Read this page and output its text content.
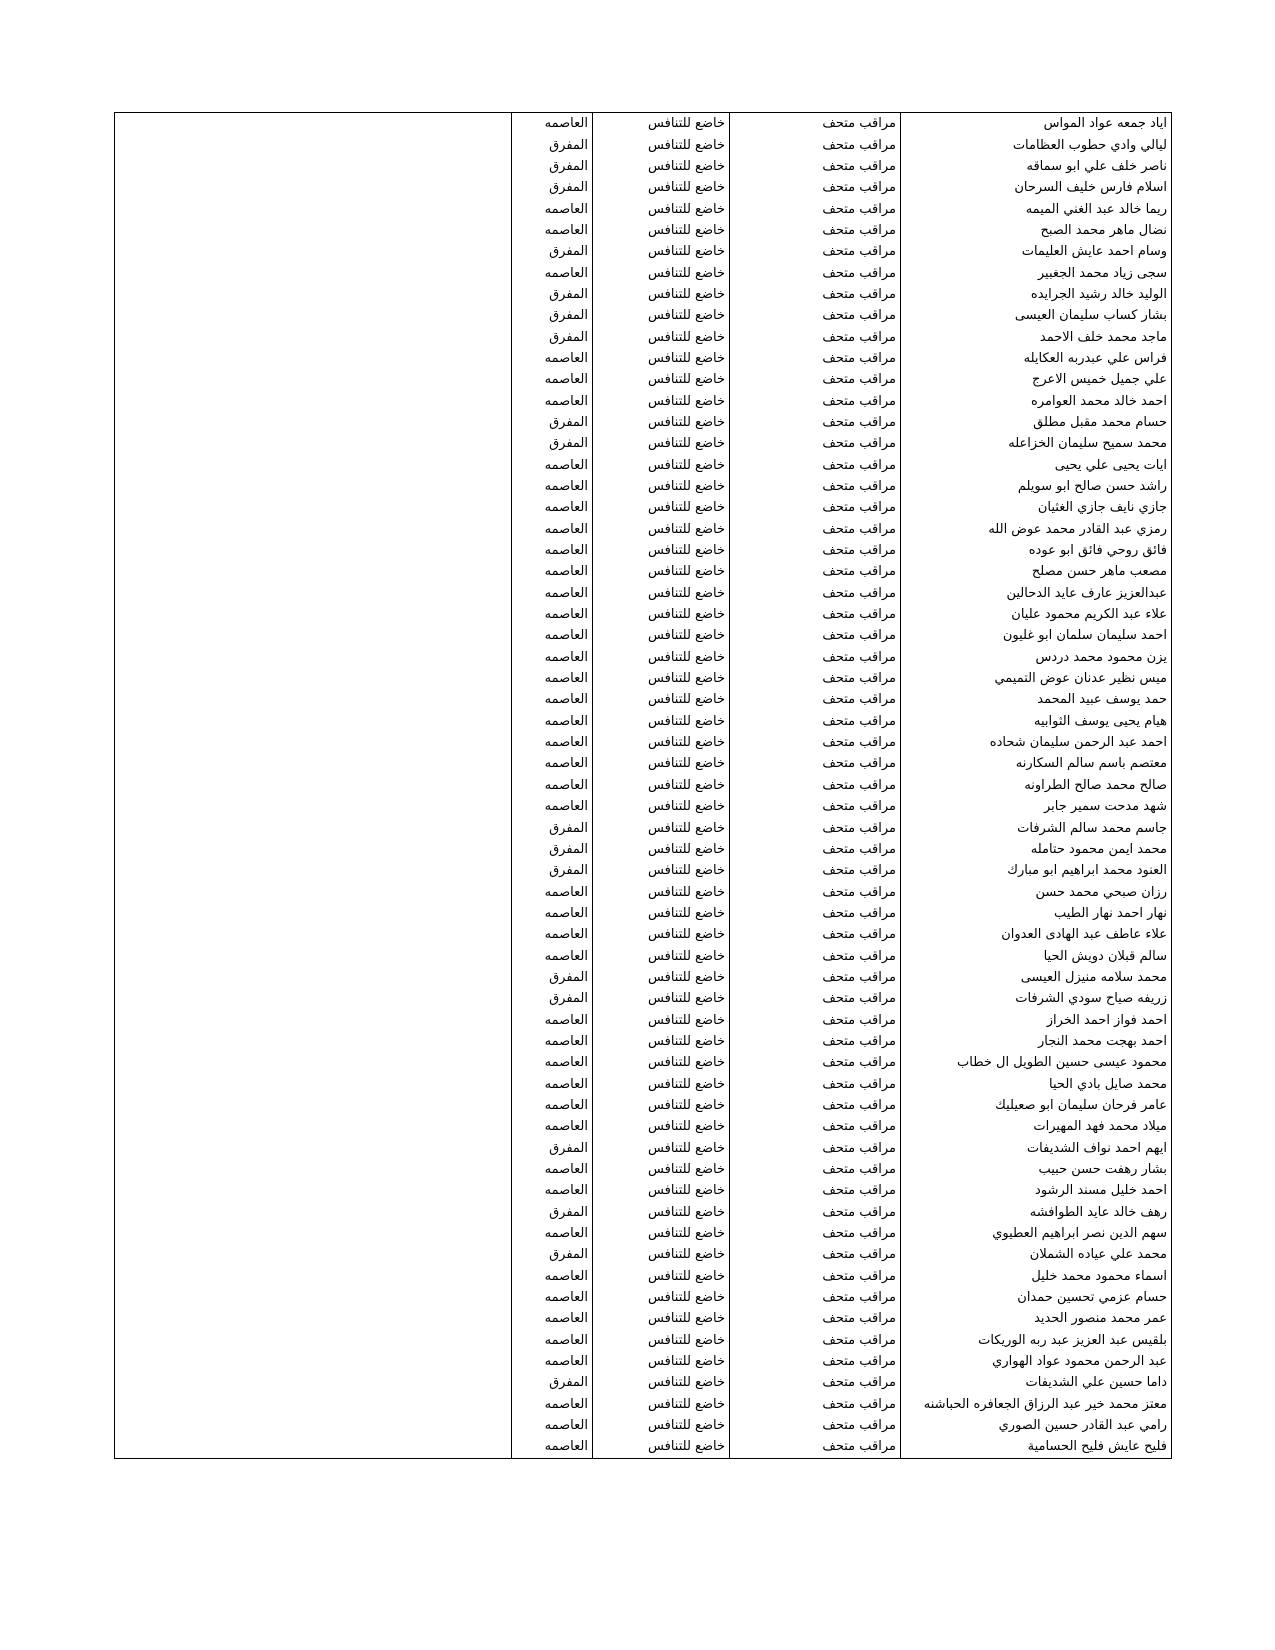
اياد جمعه عواد المواس	مراقب متحف	خاضع للتنافس	العاصمه	
ليالي وادي حطوب العظامات	مراقب متحف	خاضع للتنافس	المفرق	
ناصر خلف علي ابو سماقه	مراقب متحف	خاضع للتنافس	المفرق	
اسلام فارس خليف السرحان	مراقب متحف	خاضع للتنافس	المفرق	
ريما خالد عبد الغني الميمه	مراقب متحف	خاضع للتنافس	العاصمه	
نضال ماهر محمد الصبح	مراقب متحف	خاضع للتنافس	العاصمه	
وسام احمد عايش العليمات	مراقب متحف	خاضع للتنافس	المفرق	
سجى زياد محمد الجغبير	مراقب متحف	خاضع للتنافس	العاصمه	
الوليد خالد رشيد الجرايده	مراقب متحف	خاضع للتنافس	المفرق	
بشار كساب سليمان العيسى	مراقب متحف	خاضع للتنافس	المفرق	
ماجد محمد خلف الاحمد	مراقب متحف	خاضع للتنافس	المفرق	
فراس علي عبدربه العكايله	مراقب متحف	خاضع للتنافس	العاصمه	
علي جميل خميس الاعرج	مراقب متحف	خاضع للتنافس	العاصمه	
احمد خالد محمد العوامره	مراقب متحف	خاضع للتنافس	العاصمه	
حسام محمد مقبل مطلق	مراقب متحف	خاضع للتنافس	المفرق	
محمد سميح سليمان الخزاعله	مراقب متحف	خاضع للتنافس	المفرق	
ايات يحيى علي يحيى	مراقب متحف	خاضع للتنافس	العاصمه	
راشد حسن صالح ابو سويلم	مراقب متحف	خاضع للتنافس	العاصمه	
جازي نايف جازي الغثيان	مراقب متحف	خاضع للتنافس	العاصمه	
رمزي عبد القادر محمد عوض الله	مراقب متحف	خاضع للتنافس	العاصمه	
فائق روحي فائق ابو عوده	مراقب متحف	خاضع للتنافس	العاصمه	
مصعب ماهر حسن مصلح	مراقب متحف	خاضع للتنافس	العاصمه	
عبدالعزيز عارف عايد الدحالين	مراقب متحف	خاضع للتنافس	العاصمه	
علاء عبد الكريم محمود عليان	مراقب متحف	خاضع للتنافس	العاصمه	
احمد سليمان سلمان ابو غليون	مراقب متحف	خاضع للتنافس	العاصمه	
يزن محمود محمد دردس	مراقب متحف	خاضع للتنافس	العاصمه	
ميس نظير عدنان عوض التميمي	مراقب متحف	خاضع للتنافس	العاصمه	
حمد يوسف عبيد المحمد	مراقب متحف	خاضع للتنافس	العاصمه	
هيام يحيى يوسف الثوابيه	مراقب متحف	خاضع للتنافس	العاصمه	
احمد عبد الرحمن سليمان شحاده	مراقب متحف	خاضع للتنافس	العاصمه	
معتصم باسم سالم السكارنه	مراقب متحف	خاضع للتنافس	العاصمه	
صالح محمد صالح الطراونه	مراقب متحف	خاضع للتنافس	العاصمه	
شهد مدحت سمير جابر	مراقب متحف	خاضع للتنافس	العاصمه	
جاسم محمد سالم الشرفات	مراقب متحف	خاضع للتنافس	المفرق	
محمد ايمن محمود حتامله	مراقب متحف	خاضع للتنافس	المفرق	
العنود محمد ابراهيم ابو مبارك	مراقب متحف	خاضع للتنافس	المفرق	
رزان صبحي محمد حسن	مراقب متحف	خاضع للتنافس	العاصمه	
نهار احمد نهار الطيب	مراقب متحف	خاضع للتنافس	العاصمه	
علاء عاطف عبد الهادى العدوان	مراقب متحف	خاضع للتنافس	العاصمه	
سالم قبلان دويش الحيا	مراقب متحف	خاضع للتنافس	العاصمه	
محمد سلامه منيزل العيسى	مراقب متحف	خاضع للتنافس	المفرق	
زريفه صياح سودي الشرفات	مراقب متحف	خاضع للتنافس	المفرق	
احمد فواز احمد الخراز	مراقب متحف	خاضع للتنافس	العاصمه	
احمد بهجت محمد النجار	مراقب متحف	خاضع للتنافس	العاصمه	
محمود عيسى حسين الطويل ال خطاب	مراقب متحف	خاضع للتنافس	العاصمه	
محمد صايل بادي الحيا	مراقب متحف	خاضع للتنافس	العاصمه	
عامر فرحان سليمان ابو صعيليك	مراقب متحف	خاضع للتنافس	العاصمه	
ميلاد محمد فهد المهيرات	مراقب متحف	خاضع للتنافس	العاصمه	
ايهم احمد نواف الشديفات	مراقب متحف	خاضع للتنافس	المفرق	
بشار رهفت حسن حبيب	مراقب متحف	خاضع للتنافس	العاصمه	
احمد خليل مسند الرشود	مراقب متحف	خاضع للتنافس	العاصمه	
رهف خالد عايد الطوافشه	مراقب متحف	خاضع للتنافس	المفرق	
سهم الدين نصر ابراهيم العطيوي	مراقب متحف	خاضع للتنافس	العاصمه	
محمد علي عياده الشملان	مراقب متحف	خاضع للتنافس	المفرق	
اسماء محمود محمد خليل	مراقب متحف	خاضع للتنافس	العاصمه	
حسام عزمي تحسين حمدان	مراقب متحف	خاضع للتنافس	العاصمه	
عمر محمد منصور الحديد	مراقب متحف	خاضع للتنافس	العاصمه	
بلقيس عبد العزيز عبد ربه الوريكات	مراقب متحف	خاضع للتنافس	العاصمه	
عبد الرحمن محمود عواد الهواري	مراقب متحف	خاضع للتنافس	العاصمه	
داما حسين علي الشديفات	مراقب متحف	خاضع للتنافس	المفرق	
معتز محمد خير عبد الرزاق الجعافره الحباشنه	مراقب متحف	خاضع للتنافس	العاصمه	
رامي عبد القادر حسين الصوري	مراقب متحف	خاضع للتنافس	العاصمه	
فليح عايش فليح الحسامية	مراقب متحف	خاضع للتنافس	العاصمه	
